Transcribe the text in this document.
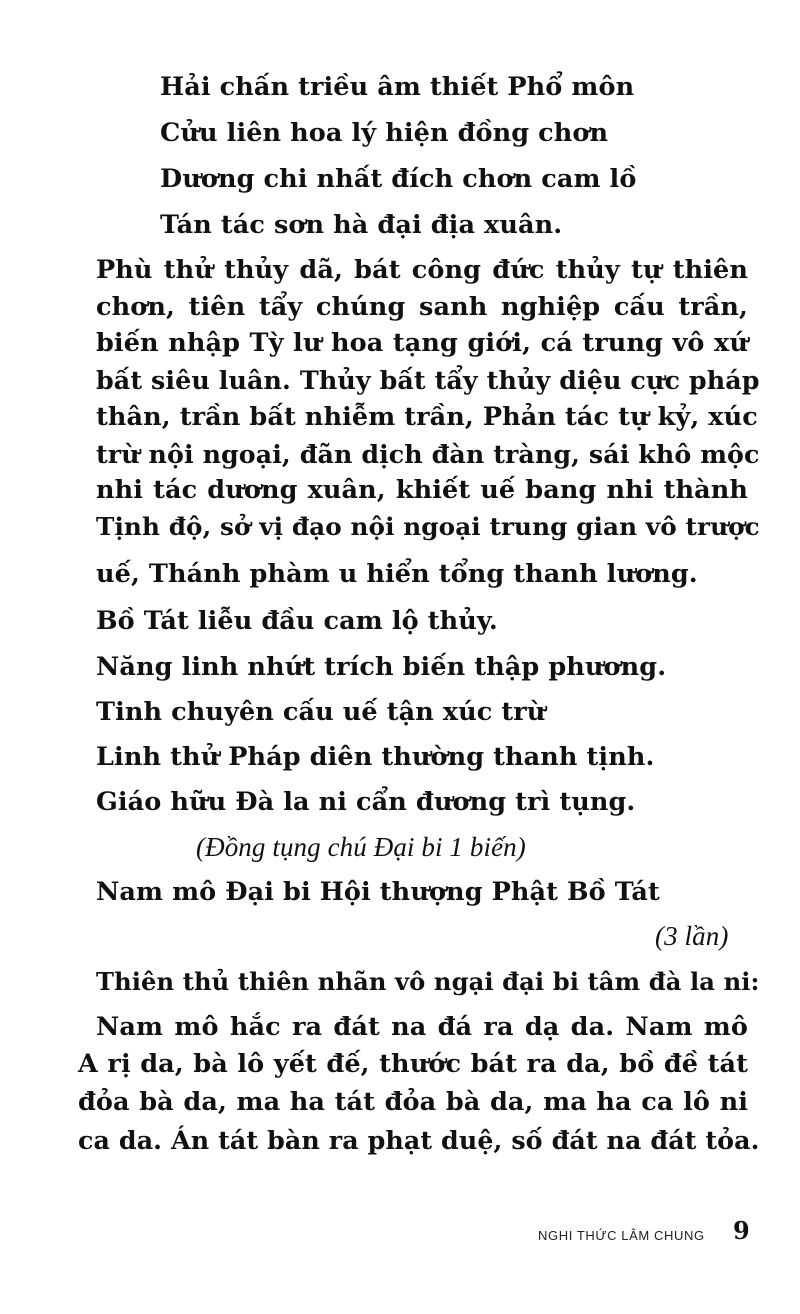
Hải chấn triều âm thiết Phổ môn
Cửu liên hoa lý hiện đồng chơn
Dương chi nhất đích chơn cam lồ
Tán tác sơn hà đại địa xuân.
Phù thử thủy dã, bát công đức thủy tự thiên
chơn, tiên tẩy chúng sanh nghiệp cấu trần,
biến nhập Tỳ lư hoa tạng giới, cá trung vô xứ
bất siêu luân. Thủy bất tẩy thủy diệu cực pháp
thân, trần bất nhiễm trần, Phản tác tự kỷ, xúc
trừ nội ngoại, đãn dịch đàn tràng, sái khô mộc
nhi tác dương xuân, khiết uế bang nhi thành
Tịnh độ, sở vị đạo nội ngoại trung gian vô trược
uế, Thánh phàm u hiển tổng thanh lương.
Bồ Tát liễu đầu cam lộ thủy.
Năng linh nhứt trích biến thập phương.
Tinh chuyên cấu uế tận xúc trừ
Linh thử Pháp diên thường thanh tịnh.
Giáo hữu Đà la ni cẩn đương trì tụng.
(Đồng tụng chú Đại bi 1 biến)
Nam mô Đại bi Hội thượng Phật Bồ Tát
(3 lần)
Thiên thủ thiên nhãn vô ngại đại bi tâm đà la ni:
Nam mô hắc ra đát na đá ra dạ da. Nam mô
A rị da, bà lô yết đế, thước bát ra da, bồ đề tát
đỏa bà da, ma ha tát đỏa bà da, ma ha ca lô ni
ca da. Án tát bàn ra phạt duệ, số đát na đát tỏa.
NGHI THỨC LÂM CHUNG 9
